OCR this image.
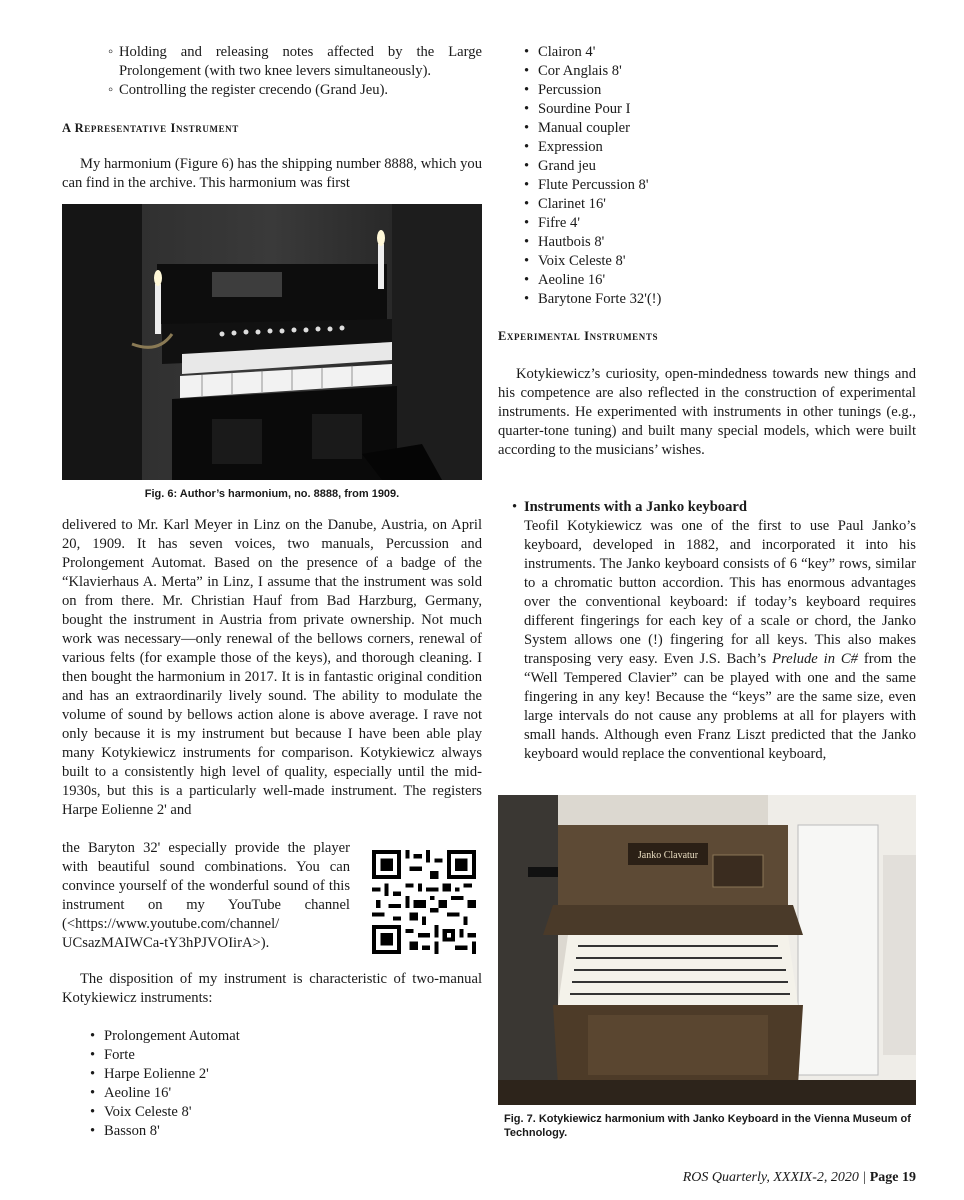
◦ Holding and releasing notes affected by the Large Prolongement (with two knee levers simultaneously).
◦ Controlling the register crecendo (Grand Jeu).
A Representative Instrument

My harmonium (Figure 6) has the shipping number 8888, which you can find in the archive. This harmonium was first

Fig. 6: Author’s harmonium, no. 8888, from 1909.

delivered to Mr. Karl Meyer in Linz on the Danube, Austria, on April 20, 1909. It has seven voices, two manuals, Percussion and Prolongement Automat. Based on the presence of a badge of the “Klavierhaus A. Merta” in Linz, I assume that the instrument was sold on from there. Mr. Christian Hauf from Bad Harzburg, Germany, bought the instrument in Austria from private ownership. Not much work was necessary—only renewal of the bellows corners, renewal of various felts (for example those of the keys), and thorough cleaning. I then bought the harmonium in 2017. It is in fantastic original condition and has an extraordinarily lively sound. The ability to modulate the volume of sound by bellows action alone is above average. I rave not only because it is my instrument but because I have been able play many Kotykiewicz instruments for comparison. Kotykiewicz always built to a consistently high level of quality, especially until the mid-1930s, but this is a particularly well-made instrument. The registers Harpe Eolienne 2' and

the Baryton 32' especially provide the player with beautiful sound combinations. You can convince yourself of the wonderful sound of this instrument on my YouTube channel (<https://www.youtube.com/channel/ UCsazMAIWCa-tY3hPJVOIirA>).

The disposition of my instrument is characteristic of two-manual Kotykiewicz instruments:

• Prolongement Automat
• Forte
• Harpe Eolienne 2'
• Aeoline 16'
• Voix Celeste 8'
• Basson 8'
• Clairon 4'
• Cor Anglais 8'
• Percussion
• Sourdine Pour I
• Manual coupler
• Expression
• Grand jeu
• Flute Percussion 8'
• Clarinet 16'
• Fifre 4'
• Hautbois 8'
• Voix Celeste 8'
• Aeoline 16'
• Barytone Forte 32'(!)
Experimental Instruments

Kotykiewicz’s curiosity, open-mindedness towards new things and his competence are also reflected in the construction of experimental instruments. He experimented with instruments in other tunings (e.g., quarter-tone tuning) and built many special models, which were built according to the musicians’ wishes.

• Instruments with a Janko keyboard

Teofil Kotykiewicz was one of the first to use Paul Janko’s keyboard, developed in 1882, and incorporated it into his instruments. The Janko keyboard consists of 6 “key” rows, similar to a chromatic button accordion. This has enormous advantages over the conventional keyboard: if today’s keyboard requires different fingerings for each key of a scale or chord, the Janko System allows one (!) fingering for all keys. This also makes transposing very easy. Even J.S. Bach’s Prelude in C# from the “Well Tempered Clavier” can be played with one and the same fingering in any key! Because the “keys” are the same size, even large intervals do not cause any problems at all for players with small hands. Although even Franz Liszt predicted that the Janko keyboard would replace the conventional keyboard,

Janko Clavatur

Fig. 7. Kotykiewicz harmonium with Janko Keyboard in the Vienna Museum of Technology.

ROS Quarterly, XXXIX-2, 2020 | Page 19
